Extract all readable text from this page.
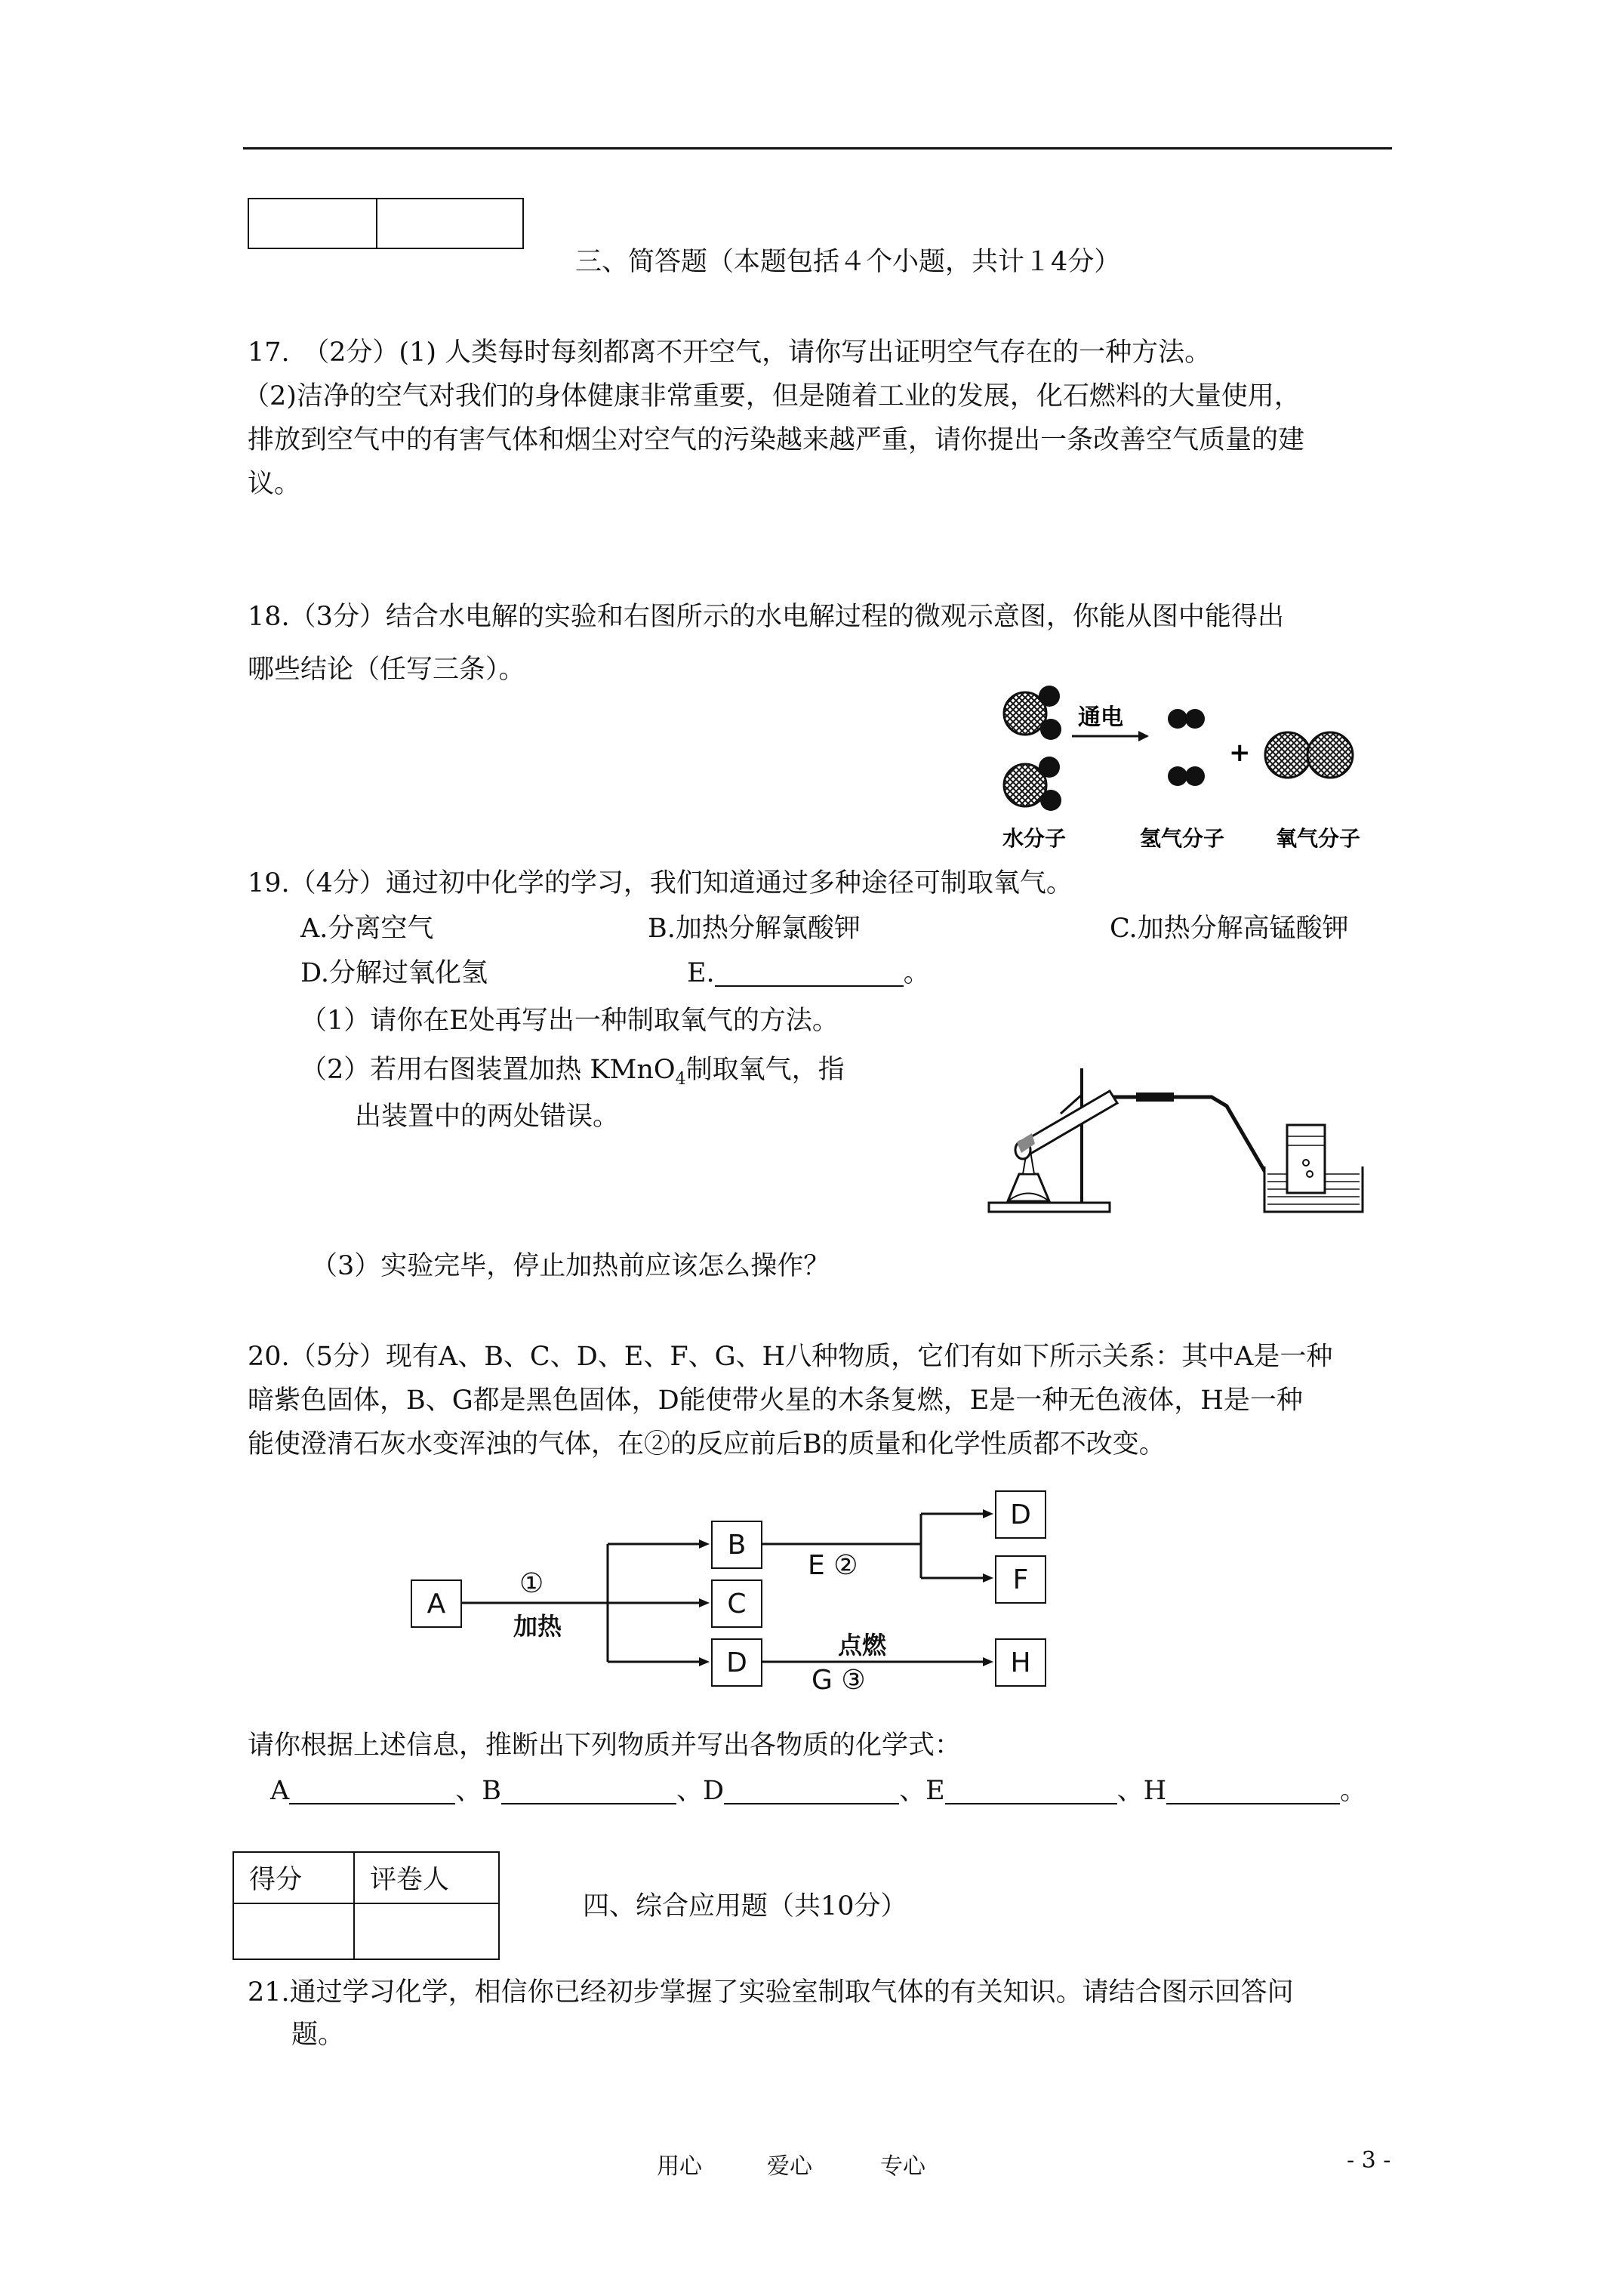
三、简答题（本题包括４个小题，共计１4分）
17.　（2分）(1) 人类每时每刻都离不开空气，请你写出证明空气存在的一种方法。
（2)洁净的空气对我们的身体健康非常重要，但是随着工业的发展，化石燃料的大量使用，
排放到空气中的有害气体和烟尘对空气的污染越来越严重，请你提出一条改善空气质量的建
议。
18.（3分）结合水电解的实验和右图所示的水电解过程的微观示意图，你能从图中能得出
哪些结论（任写三条）。
通电
+
水分子	氢气分子 氧气分子
19.（4分）通过初中化学的学习，我们知道通过多种途径可制取氧气。
A.分离空气	B.加热分解氯酸钾	C.加热分解高锰酸钾
D.分解过氧化氢	E.	。
（1）请你在E处再写出一种制取氧气的方法。
（2）若用右图装置加热 KMnO$_4$制取氧气，指
出装置中的两处错误。
（3）实验完毕，停止加热前应该怎么操作？
20.（5分）现有A、B、C、D、E、F、G、H八种物质，它们有如下所示关系：其中A是一种
暗紫色固体，B、G都是黑色固体，D能使带火星的木条复燃，E是一种无色液体，H是一种
能使澄清石灰水变浑浊的气体，在②的反应前后B的质量和化学性质都不改变。
A
B
C
D
D
F
H
①
加热
E ②
点燃
G ③
请你根据上述信息，推断出下列物质并写出各物质的化学式：
A	、B	、D	、E	、H	。
得分	评卷人

四、综合应用题（共10分）
21.通过学习化学，相信你已经初步掌握了实验室制取气体的有关知识。请结合图示回答问
题。
用心	爱心	专心	- 3 -
